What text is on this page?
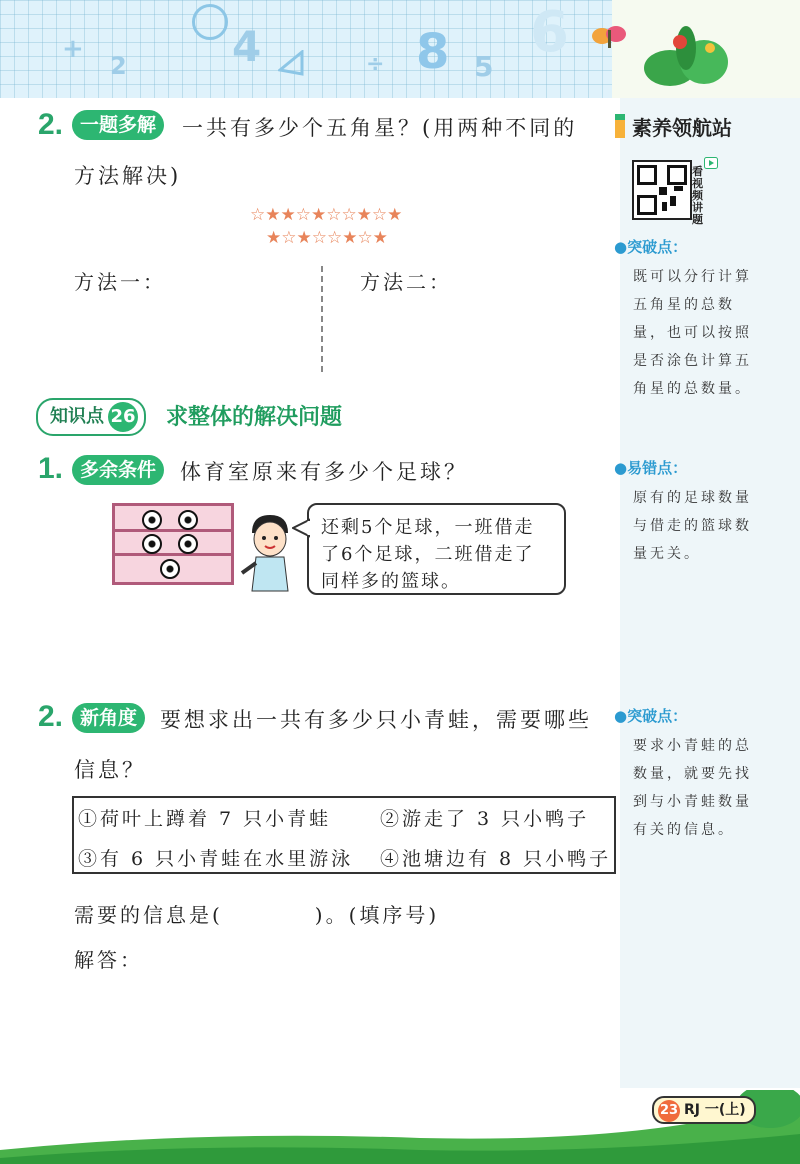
+
2	4	÷ 8 5
6
素养领航站
看
视
频
讲
题
●突破点：
既可以分行计算
五角星的总数
量，也可以按照
是否涂色计算五
角星的总数量。
●易错点：
原有的足球数量
与借走的篮球数
量无关。
●突破点：
要求小青蛙的总
数量，就要先找
到与小青蛙数量
有关的信息。
2. 一题多解	一共有多少个五角星？(用两种不同的
方法解决)
☆★★☆★☆☆★☆★
★☆★☆☆★☆★
方法一：	方法二：
知识点 26	求整体的解决问题
1. 多余条件	体育室原来有多少个足球？
还剩5个足球，一班借走
了6个足球，二班借走了
同样多的篮球。
2. 新角度	要想求出一共有多少只小青蛙，需要哪些
信息？
①荷叶上蹲着 7 只小青蛙	②游走了 3 只小鸭子
③有 6 只小青蛙在水里游泳 ④池塘边有 8 只小鸭子
需要的信息是(　　　　)。(填序号)
解答：
23 RJ 一(上)
